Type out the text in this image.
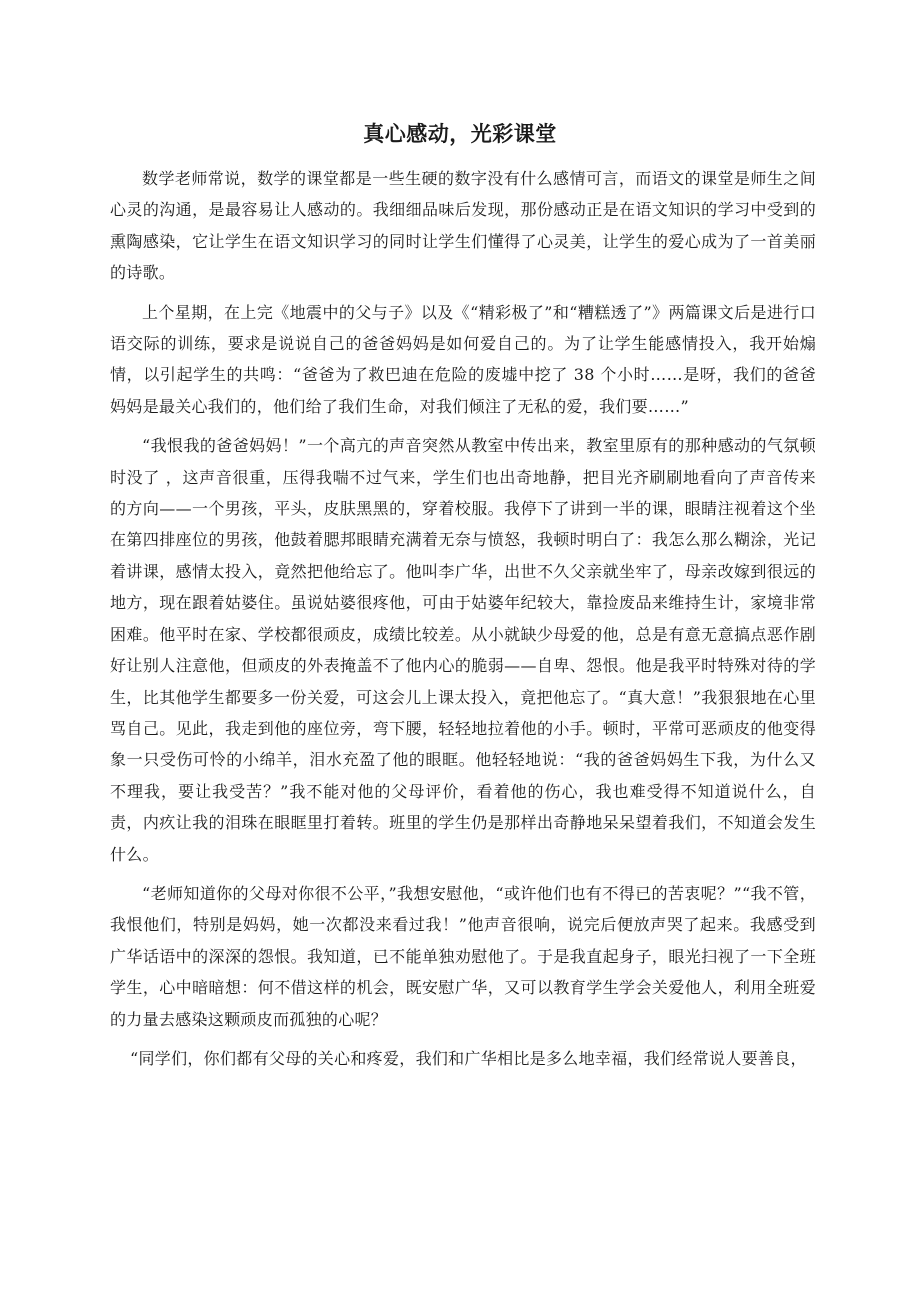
真心感动，光彩课堂

数学老师常说，数学的课堂都是一些生硬的数字没有什么感情可言，而语文的课堂是师生之间心灵的沟通，是最容易让人感动的。我细细品味后发现，那份感动正是在语文知识的学习中受到的熏陶感染，它让学生在语文知识学习的同时让学生们懂得了心灵美，让学生的爱心成为了一首美丽的诗歌。

上个星期，在上完《地震中的父与子》以及《“精彩极了”和“糟糕透了”》两篇课文后是进行口语交际的训练，要求是说说自己的爸爸妈妈是如何爱自己的。为了让学生能感情投入，我开始煽情，以引起学生的共鸣：“爸爸为了救巴迪在危险的废墟中挖了 38 个小时……是呀，我们的爸爸妈妈是最关心我们的，他们给了我们生命，对我们倾注了无私的爱，我们要……”

“我恨我的爸爸妈妈！”一个高亢的声音突然从教室中传出来，教室里原有的那种感动的气氛顿时没了 ，这声音很重，压得我喘不过气来，学生们也出奇地静，把目光齐刷刷地看向了声音传来的方向——一个男孩，平头，皮肤黑黑的，穿着校服。我停下了讲到一半的课，眼睛注视着这个坐在第四排座位的男孩，他鼓着腮邦眼睛充满着无奈与愤怒，我顿时明白了：我怎么那么糊涂，光记着讲课，感情太投入，竟然把他给忘了。他叫李广华，出世不久父亲就坐牢了，母亲改嫁到很远的地方，现在跟着姑婆住。虽说姑婆很疼他，可由于姑婆年纪较大，靠捡废品来维持生计，家境非常困难。他平时在家、学校都很顽皮，成绩比较差。从小就缺少母爱的他，总是有意无意搞点恶作剧好让别人注意他，但顽皮的外表掩盖不了他内心的脆弱——自卑、怨恨。他是我平时特殊对待的学生，比其他学生都要多一份关爱，可这会儿上课太投入，竟把他忘了。“真大意！”我狠狠地在心里骂自己。见此，我走到他的座位旁，弯下腰，轻轻地拉着他的小手。顿时，平常可恶顽皮的他变得象一只受伤可怜的小绵羊，泪水充盈了他的眼眶。他轻轻地说：“我的爸爸妈妈生下我，为什么又不理我，要让我受苦？”我不能对他的父母评价，看着他的伤心，我也难受得不知道说什么，自责，内疚让我的泪珠在眼眶里打着转。班里的学生仍是那样出奇静地呆呆望着我们，不知道会发生什么。

“老师知道你的父母对你很不公平，”我想安慰他，“或许他们也有不得已的苦衷呢？”“我不管，我恨他们，特别是妈妈，她一次都没来看过我！”他声音很响，说完后便放声哭了起来。我感受到广华话语中的深深的怨恨。我知道，已不能单独劝慰他了。于是我直起身子，眼光扫视了一下全班学生，心中暗暗想：何不借这样的机会，既安慰广华，又可以教育学生学会关爱他人，利用全班爱的力量去感染这颗顽皮而孤独的心呢？

“同学们，你们都有父母的关心和疼爱，我们和广华相比是多么地幸福，我们经常说人要善良，
